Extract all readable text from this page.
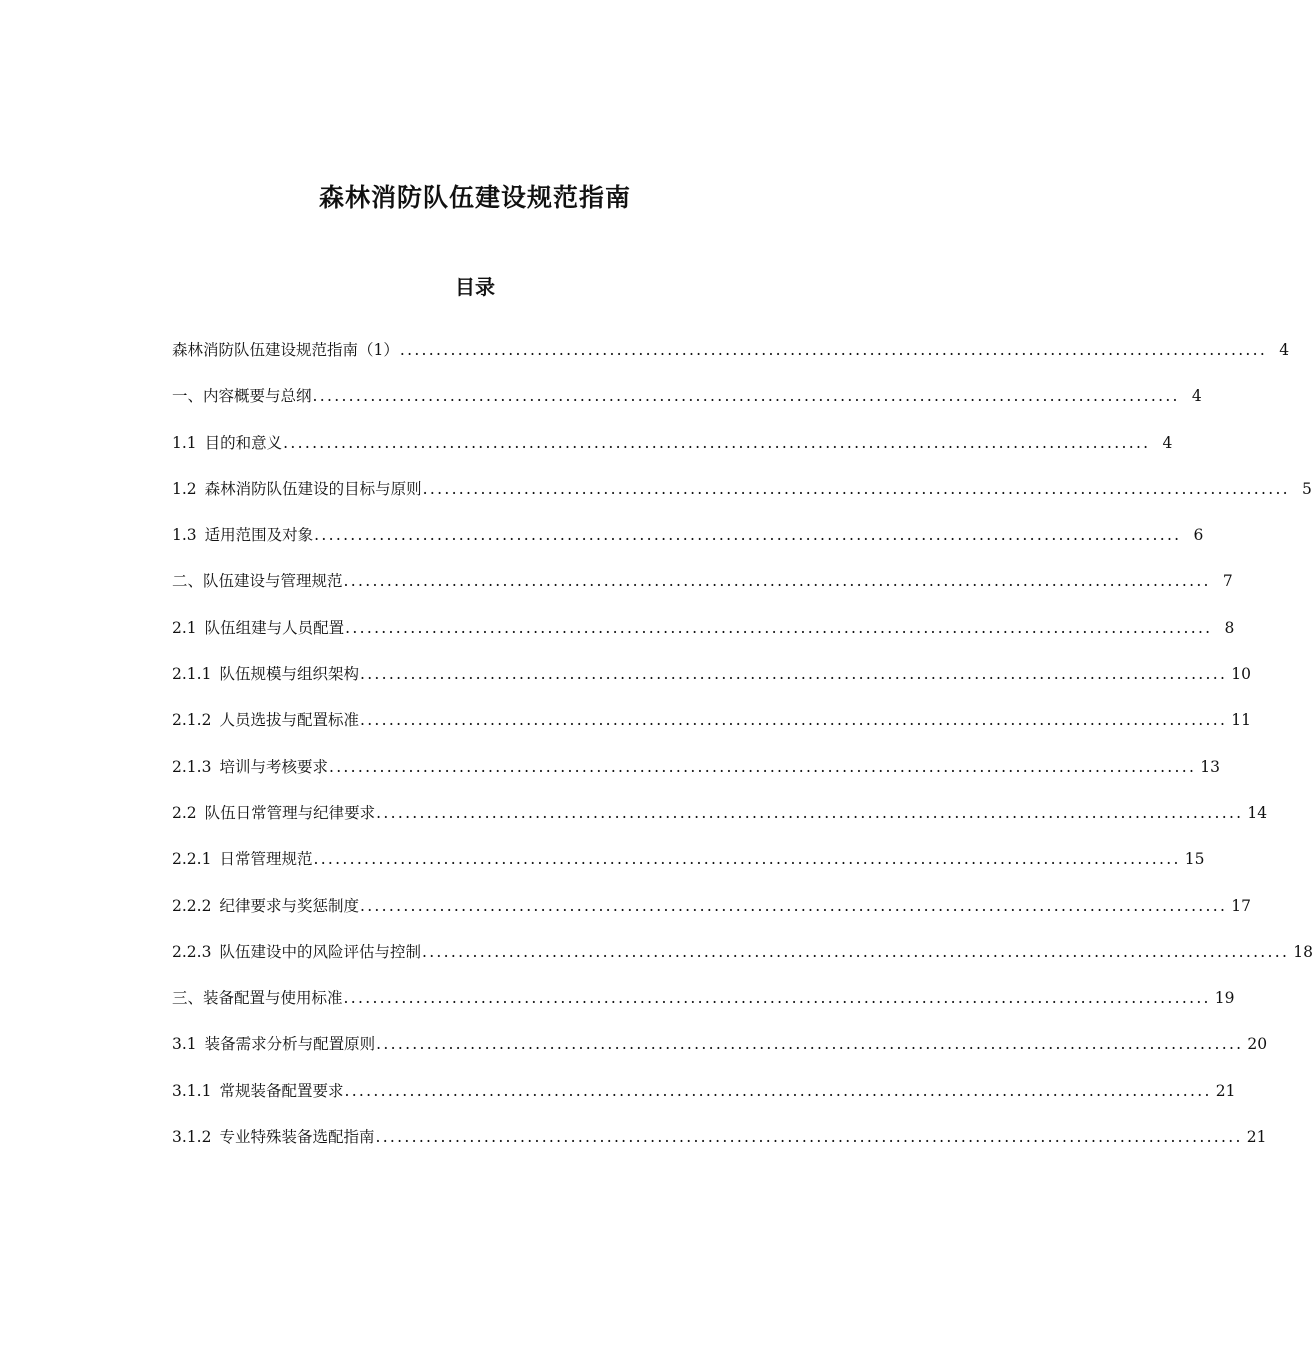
森林消防队伍建设规范指南
目录
森林消防队伍建设规范指南（1） ........................................................................................................................ 4
一、 内容概要与总纲 ........................................................................................................................ 4
1.1 目的和意义 ........................................................................................................................ 4
1.2 森林消防队伍建设的目标与原则 ........................................................................................................................ 5
1.3 适用范围及对象 ........................................................................................................................ 6
二、 队伍建设与管理规范 ........................................................................................................................ 7
2.1 队伍组建与人员配置 ........................................................................................................................ 8
2.1.1 队伍规模与组织架构 ........................................................................................................................ 10
2.1.2 人员选拔与配置标准 ........................................................................................................................ 11
2.1.3 培训与考核要求 ........................................................................................................................ 13
2.2 队伍日常管理与纪律要求 ........................................................................................................................ 14
2.2.1 日常管理规范 ........................................................................................................................ 15
2.2.2 纪律要求与奖惩制度 ........................................................................................................................ 17
2.2.3 队伍建设中的风险评估与控制 ........................................................................................................................ 18
三、 装备配置与使用标准 ........................................................................................................................ 19
3.1 装备需求分析与配置原则 ........................................................................................................................ 20
3.1.1 常规装备配置要求 ........................................................................................................................ 21
3.1.2 专业特殊装备选配指南 ........................................................................................................................ 21
